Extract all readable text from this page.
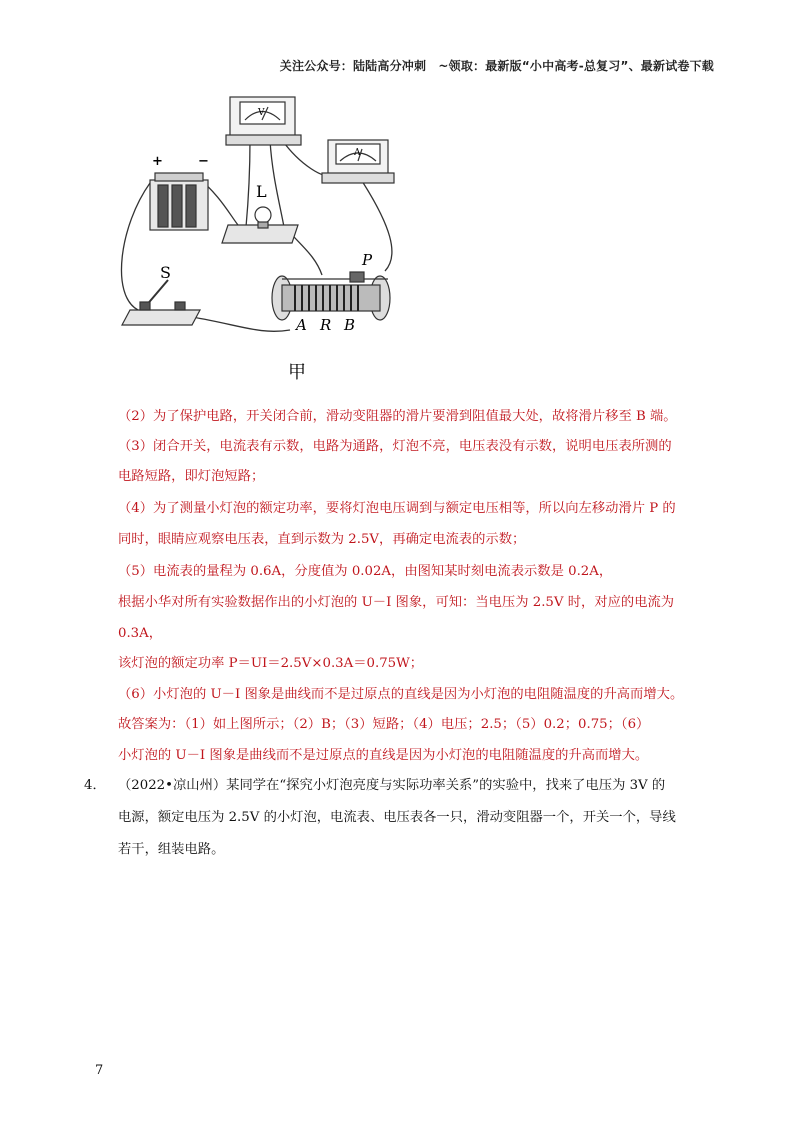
关注公众号：陆陆高分冲刺　~领取：最新版“小中高考-总复习”、最新试卷下载
+	−
V
A
L
S
P
A R B
甲
（2）为了保护电路，开关闭合前，滑动变阻器的滑片要滑到阻值最大处，故将滑片移至 B 端。
（3）闭合开关，电流表有示数，电路为通路，灯泡不亮，电压表没有示数，说明电压表所测的
电路短路，即灯泡短路；
（4）为了测量小灯泡的额定功率，要将灯泡电压调到与额定电压相等，所以向左移动滑片 P 的
同时，眼睛应观察电压表，直到示数为 2.5V，再确定电流表的示数；
（5）电流表的量程为 0.6A，分度值为 0.02A，由图知某时刻电流表示数是 0.2A，
根据小华对所有实验数据作出的小灯泡的 U－I 图象，可知：当电压为 2.5V 时，对应的电流为
0.3A，
该灯泡的额定功率 P＝UI＝2.5V×0.3A＝0.75W；
（6）小灯泡的 U－I 图象是曲线而不是过原点的直线是因为小灯泡的电阻随温度的升高而增大。
故答案为：（1）如上图所示；（2）B；（3）短路；（4）电压；2.5；（5）0.2；0.75；（6）
小灯泡的 U－I 图象是曲线而不是过原点的直线是因为小灯泡的电阻随温度的升高而增大。
4． （2022•凉山州）某同学在“探究小灯泡亮度与实际功率关系”的实验中，找来了电压为 3V 的
电源，额定电压为 2.5V 的小灯泡，电流表、电压表各一只，滑动变阻器一个，开关一个，导线
若干，组装电路。
7
